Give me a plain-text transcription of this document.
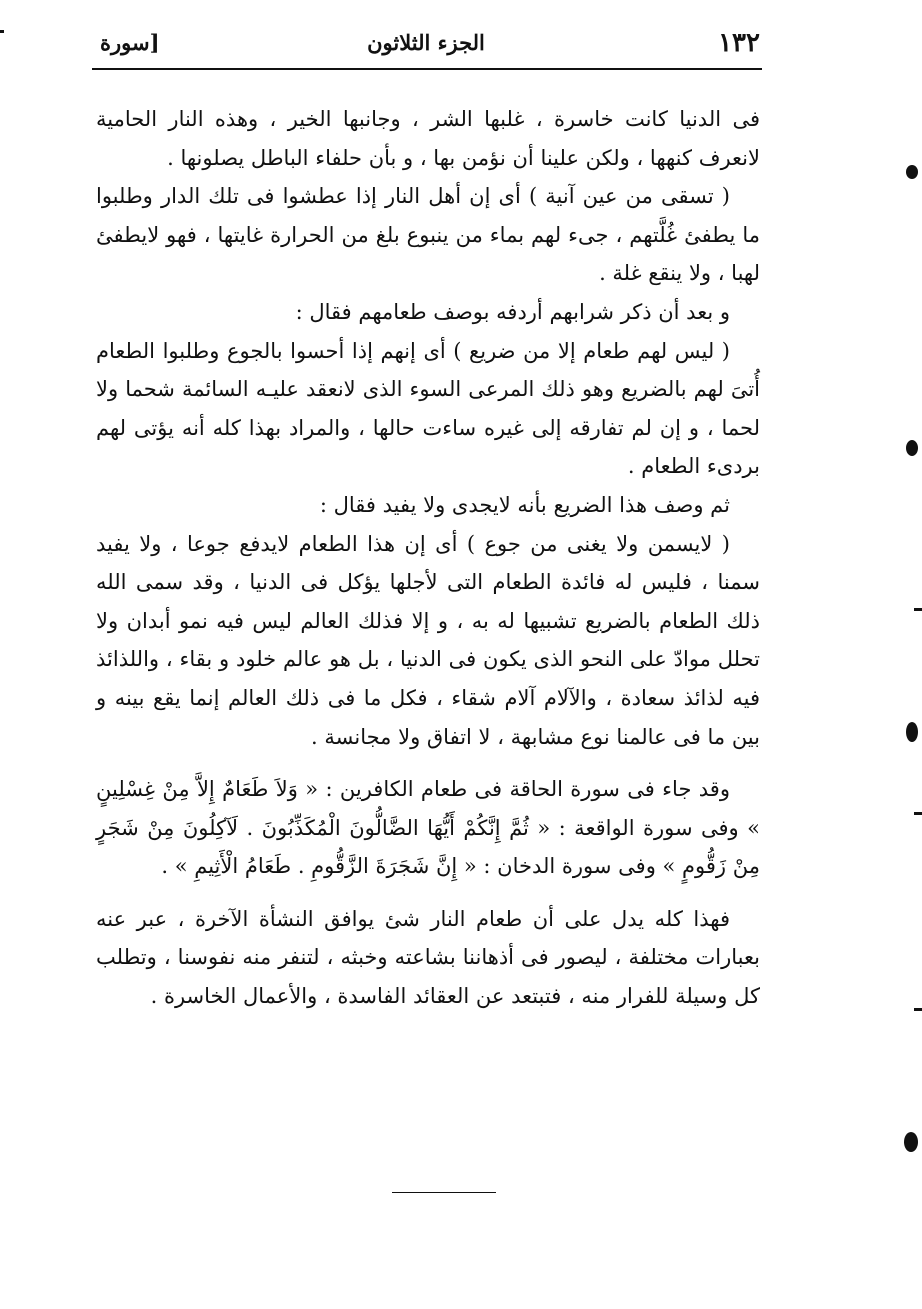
١٣٢
الجزء الثلاثون
[سورة

فى الدنيا كانت خاسرة ، غلبها الشر ، وجانبها الخير ، وهذه النار الحامية لانعرف كنهها ، ولكن علينا أن نؤمن بها ، و بأن حلفاء الباطل يصلونها .

( تسقى من عين آنية ) أى إن أهل النار إذا عطشوا فى تلك الدار وطلبوا ما يطفئ غُلَّتهم ، جىء لهم بماء من ينبوع بلغ من الحرارة غايتها ، فهو لايطفئ لهبا ، ولا ينقع غلة .

و بعد أن ذكر شرابهم أردفه بوصف طعامهم فقال :

( ليس لهم طعام إلا من ضريع ) أى إنهم إذا أحسوا بالجوع وطلبوا الطعام أُتىَ لهم بالضريع وهو ذلك المرعى السوء الذى لانعقد عليـه السائمة شحما ولا لحما ، و إن لم تفارقه إلى غيره ساءت حالها ، والمراد بهذا كله أنه يؤتى لهم بردىء الطعام .

ثم وصف هذا الضريع بأنه لايجدى ولا يفيد فقال :

( لايسمن ولا يغنى من جوع ) أى إن هذا الطعام لايدفع جوعا ، ولا يفيد سمنا ، فليس له فائدة الطعام التى لأجلها يؤكل فى الدنيا ، وقد سمى الله ذلك الطعام بالضريع تشبيها له به ، و إلا فذلك العالم ليس فيه نمو أبدان ولا تحلل موادّ على النحو الذى يكون فى الدنيا ، بل هو عالم خلود و بقاء ، واللذائذ فيه لذائذ سعادة ، والآلام آلام شقاء ، فكل ما فى ذلك العالم إنما يقع بينه و بين ما فى عالمنا نوع مشابهة ، لا اتفاق ولا مجانسة .

وقد جاء فى سورة الحاقة فى طعام الكافرين : « وَلاَ طَعَامٌ إِلاَّ مِنْ غِسْلِينٍ » وفى سورة الواقعة : « ثُمَّ إِنَّكُمْ أَيُّهَا الضَّالُّونَ الْمُكَذِّبُونَ . لَآكِلُونَ مِنْ شَجَرٍ مِنْ زَقُّومٍ » وفى سورة الدخان : « إِنَّ شَجَرَةَ الزَّقُّومِ . طَعَامُ الْأَثِيمِ » .

فهذا كله يدل على أن طعام النار شئ يوافق النشأة الآخرة ، عبر عنه بعبارات مختلفة ، ليصور فى أذهاننا بشاعته وخبثه ، لتنفر منه نفوسنا ، وتطلب كل وسيلة للفرار منه ، فتبتعد عن العقائد الفاسدة ، والأعمال الخاسرة .
